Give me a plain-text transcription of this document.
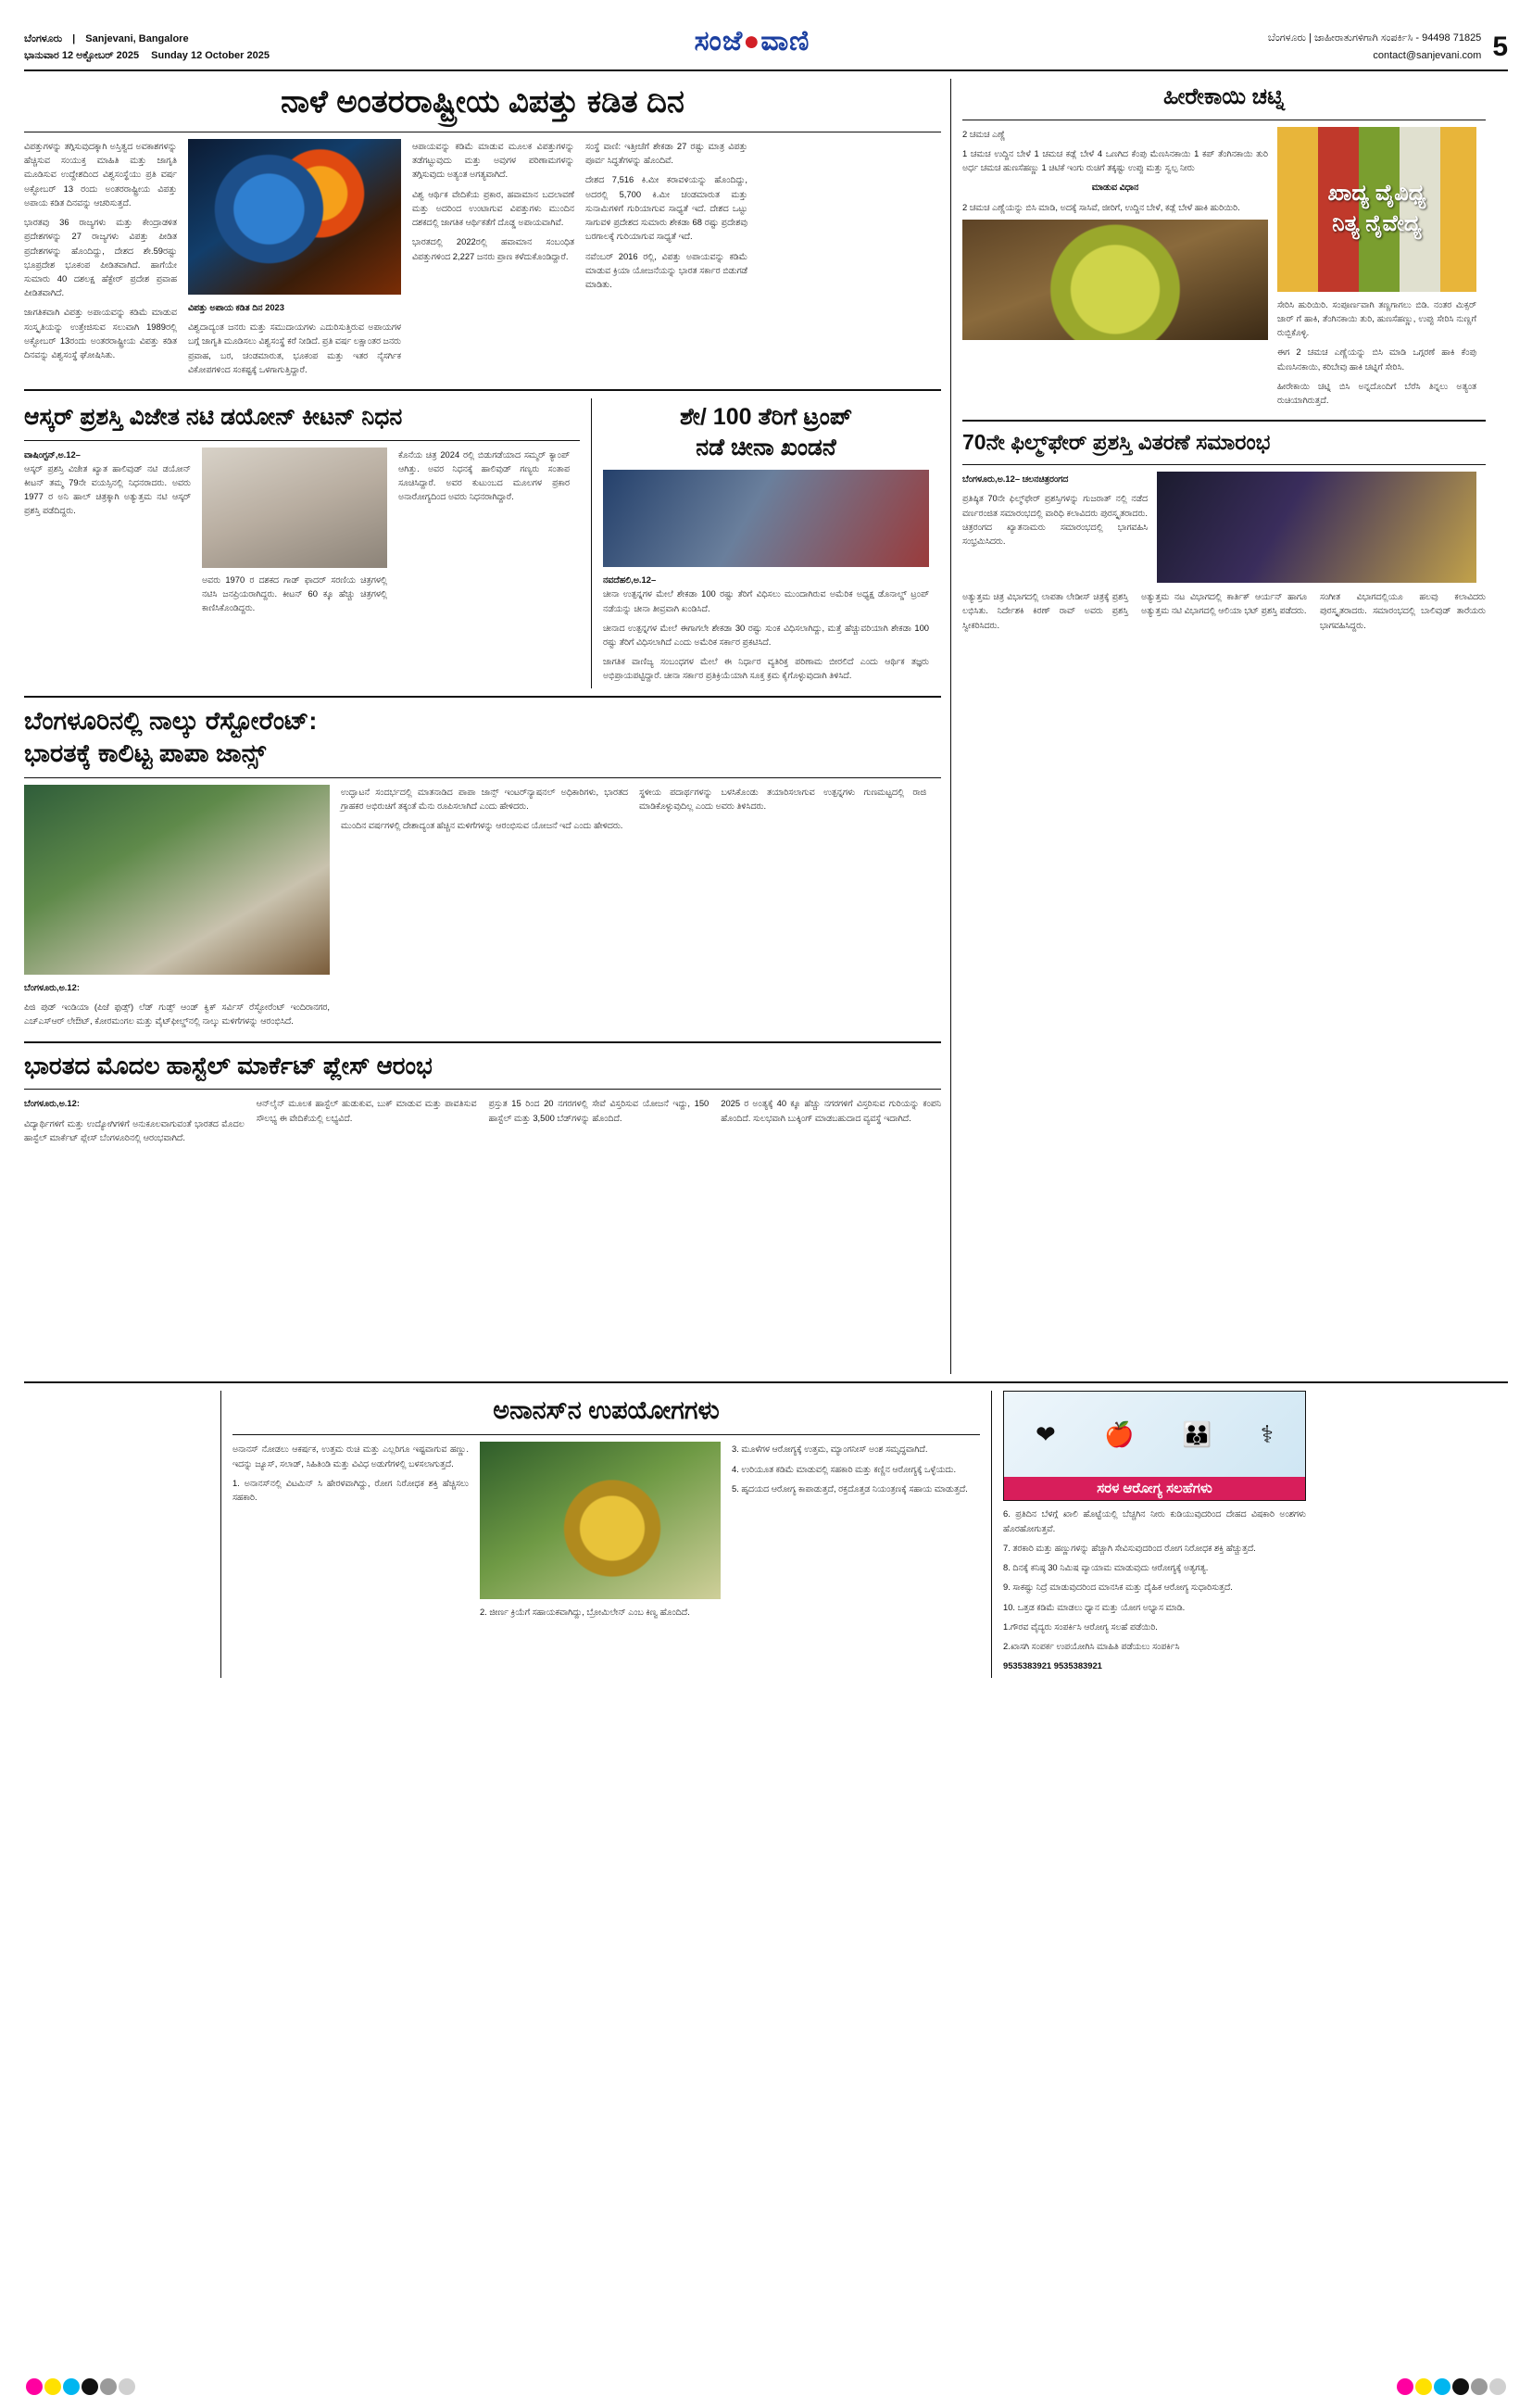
ಬೆಂಗಳೂರು | Sanjevani, Bangalore
ಭಾನುವಾರ 12 ಅಕ್ಟೋಬರ್ 2025 Sunday 12 October 2025	ಸಂಜೆ●ವಾಣಿ	ಬೆಂಗಳೂರು | ಜಾಹೀರಾತುಗಳಿಗಾಗಿ ಸಂಪರ್ಕಿಸಿ - 94498 71825
contact@sanjevani.com 5
ನಾಳೆ ಅಂತರರಾಷ್ಟ್ರೀಯ ವಿಪತ್ತು ಕಡಿತ ದಿನ

ವಿಪತ್ತುಗಳನ್ನು ತಗ್ಗಿಸುವುದಕ್ಕಾಗಿ ಅಸ್ತಿತ್ವದ ಅವಕಾಶಗಳನ್ನು ಹೆಚ್ಚಿಸುವ ಸಂಯುಕ್ತ ಮಾಹಿತಿ ಮತ್ತು ಜಾಗೃತಿ ಮೂಡಿಸುವ ಉದ್ದೇಶದಿಂದ ವಿಶ್ವಸಂಸ್ಥೆಯು ಪ್ರತಿ ವರ್ಷ ಅಕ್ಟೋಬರ್ 13 ರಂದು ಅಂತರರಾಷ್ಟ್ರೀಯ ವಿಪತ್ತು ಅಪಾಯ ಕಡಿತ ದಿನವನ್ನು ಆಚರಿಸುತ್ತದೆ.

ಭಾರತವು 36 ರಾಜ್ಯಗಳು ಮತ್ತು ಕೇಂದ್ರಾಡಳಿತ ಪ್ರದೇಶಗಳನ್ನು 27 ರಾಜ್ಯಗಳು ವಿಪತ್ತು ಪೀಡಿತ ಪ್ರದೇಶಗಳನ್ನು ಹೊಂದಿದ್ದು, ದೇಶದ ಶೇ.59ರಷ್ಟು ಭೂಪ್ರದೇಶ ಭೂಕಂಪ ಪೀಡಿತವಾಗಿದೆ. ಹಾಗೆಯೇ ಸುಮಾರು 40 ದಶಲಕ್ಷ ಹೆಕ್ಟೇರ್ ಪ್ರದೇಶ ಪ್ರವಾಹ ಪೀಡಿತವಾಗಿದೆ.

ಜಾಗತಿಕವಾಗಿ ವಿಪತ್ತು ಅಪಾಯವನ್ನು ಕಡಿಮೆ ಮಾಡುವ ಸಂಸ್ಕೃತಿಯನ್ನು ಉತ್ತೇಜಿಸುವ ಸಲುವಾಗಿ 1989ರಲ್ಲಿ ಅಕ್ಟೋಬರ್ 13ರಂದು ಅಂತರರಾಷ್ಟ್ರೀಯ ವಿಪತ್ತು ಕಡಿತ ದಿನವನ್ನು ವಿಶ್ವಸಂಸ್ಥೆ ಘೋಷಿಸಿತು.

ವಿಪತ್ತು ಅಪಾಯ ಕಡಿತ ದಿನ 2023

ವಿಶ್ವದಾದ್ಯಂತ ಜನರು ಮತ್ತು ಸಮುದಾಯಗಳು ಎದುರಿಸುತ್ತಿರುವ ಅಪಾಯಗಳ ಬಗ್ಗೆ ಜಾಗೃತಿ ಮೂಡಿಸಲು ವಿಶ್ವಸಂಸ್ಥೆ ಕರೆ ನೀಡಿದೆ. ಪ್ರತಿ ವರ್ಷ ಲಕ್ಷಾಂತರ ಜನರು ಪ್ರವಾಹ, ಬರ, ಚಂಡಮಾರುತ, ಭೂಕಂಪ ಮತ್ತು ಇತರ ನೈಸರ್ಗಿಕ ವಿಕೋಪಗಳಿಂದ ಸಂಕಷ್ಟಕ್ಕೆ ಒಳಗಾಗುತ್ತಿದ್ದಾರೆ.

ಆಪಾಯವನ್ನು ಕಡಿಮೆ ಮಾಡುವ ಮೂಲಕ ವಿಪತ್ತುಗಳನ್ನು ತಡೆಗಟ್ಟುವುದು ಮತ್ತು ಅವುಗಳ ಪರಿಣಾಮಗಳನ್ನು ತಗ್ಗಿಸುವುದು ಅತ್ಯಂತ ಅಗತ್ಯವಾಗಿದೆ.

ವಿಶ್ವ ಆರ್ಥಿಕ ವೇದಿಕೆಯ ಪ್ರಕಾರ, ಹವಾಮಾನ ಬದಲಾವಣೆ ಮತ್ತು ಅದರಿಂದ ಉಂಟಾಗುವ ವಿಪತ್ತುಗಳು ಮುಂದಿನ ದಶಕದಲ್ಲಿ ಜಾಗತಿಕ ಆರ್ಥಿಕತೆಗೆ ದೊಡ್ಡ ಅಪಾಯವಾಗಿವೆ.

ಭಾರತದಲ್ಲಿ 2022ರಲ್ಲಿ ಹವಾಮಾನ ಸಂಬಂಧಿತ ವಿಪತ್ತುಗಳಿಂದ 2,227 ಜನರು ಪ್ರಾಣ ಕಳೆದುಕೊಂಡಿದ್ದಾರೆ.

ಸಂಸ್ಥೆ ವಾಣಿ: ಇತ್ತೀಚೆಗೆ ಶೇಕಡಾ 27 ರಷ್ಟು ಮಾತ್ರ ವಿಪತ್ತು ಪೂರ್ವ ಸಿದ್ಧತೆಗಳನ್ನು ಹೊಂದಿವೆ.

ದೇಶದ 7,516 ಕಿ.ಮೀ ಕರಾವಳಿಯನ್ನು ಹೊಂದಿದ್ದು, ಅದರಲ್ಲಿ 5,700 ಕಿ.ಮೀ ಚಂಡಮಾರುತ ಮತ್ತು ಸುನಾಮಿಗಳಿಗೆ ಗುರಿಯಾಗುವ ಸಾಧ್ಯತೆ ಇದೆ. ದೇಶದ ಒಟ್ಟು ಸಾಗುವಳಿ ಪ್ರದೇಶದ ಸುಮಾರು ಶೇಕಡಾ 68 ರಷ್ಟು ಪ್ರದೇಶವು ಬರಗಾಲಕ್ಕೆ ಗುರಿಯಾಗುವ ಸಾಧ್ಯತೆ ಇದೆ.

ನವೆಂಬರ್ 2016 ರಲ್ಲಿ, ವಿಪತ್ತು ಅಪಾಯವನ್ನು ಕಡಿಮೆ ಮಾಡುವ ಕ್ರಿಯಾ ಯೋಜನೆಯನ್ನು ಭಾರತ ಸರ್ಕಾರ ಬಿಡುಗಡೆ ಮಾಡಿತು.

ಆಸ್ಕರ್ ಪ್ರಶಸ್ತಿ ವಿಜೇತ ನಟಿ ಡಯೋನ್ ಕೀಟನ್ ನಿಧನ

ವಾಷಿಂಗ್ಟನ್,ಅ.12–

ಆಸ್ಕರ್ ಪ್ರಶಸ್ತಿ ವಿಜೇತ ಖ್ಯಾತ ಹಾಲಿವುಡ್ ನಟಿ ಡಯೋನ್ ಕೀಟನ್ ತಮ್ಮ 79ನೇ ವಯಸ್ಸಿನಲ್ಲಿ ನಿಧನರಾದರು. ಅವರು 1977 ರ ಅನಿ ಹಾಲ್ ಚಿತ್ರಕ್ಕಾಗಿ ಅತ್ಯುತ್ತಮ ನಟಿ ಆಸ್ಕರ್ ಪ್ರಶಸ್ತಿ ಪಡೆದಿದ್ದರು.

ಅವರು 1970 ರ ದಶಕದ ಗಾಡ್ ಫಾದರ್ ಸರಣಿಯ ಚಿತ್ರಗಳಲ್ಲಿ ನಟಿಸಿ ಜನಪ್ರಿಯರಾಗಿದ್ದರು. ಕೀಟನ್ 60 ಕ್ಕೂ ಹೆಚ್ಚು ಚಿತ್ರಗಳಲ್ಲಿ ಕಾಣಿಸಿಕೊಂಡಿದ್ದರು.

ಕೊನೆಯ ಚಿತ್ರ 2024 ರಲ್ಲಿ ಬಿಡುಗಡೆಯಾದ ಸಮ್ಮರ್ ಕ್ಯಾಂಪ್ ಆಗಿತ್ತು. ಅವರ ನಿಧನಕ್ಕೆ ಹಾಲಿವುಡ್ ಗಣ್ಯರು ಸಂತಾಪ ಸೂಚಿಸಿದ್ದಾರೆ. ಅವರ ಕುಟುಂಬದ ಮೂಲಗಳ ಪ್ರಕಾರ ಅನಾರೋಗ್ಯದಿಂದ ಅವರು ನಿಧನರಾಗಿದ್ದಾರೆ.

ಶೇ/ 100 ತೆರಿಗೆ ಟ್ರಂಪ್
ನಡೆ ಚೀನಾ ಖಂಡನೆ

ನವದೆಹಲಿ,ಅ.12–

ಚೀನಾ ಉತ್ಪನ್ನಗಳ ಮೇಲೆ ಶೇಕಡಾ 100 ರಷ್ಟು ತೆರಿಗೆ ವಿಧಿಸಲು ಮುಂದಾಗಿರುವ ಅಮೆರಿಕ ಅಧ್ಯಕ್ಷ ಡೊನಾಲ್ಡ್ ಟ್ರಂಪ್ ನಡೆಯನ್ನು ಚೀನಾ ತೀವ್ರವಾಗಿ ಖಂಡಿಸಿದೆ.

ಚೀನಾದ ಉತ್ಪನ್ನಗಳ ಮೇಲೆ ಈಗಾಗಲೇ ಶೇಕಡಾ 30 ರಷ್ಟು ಸುಂಕ ವಿಧಿಸಲಾಗಿದ್ದು, ಮತ್ತೆ ಹೆಚ್ಚುವರಿಯಾಗಿ ಶೇಕಡಾ 100 ರಷ್ಟು ತೆರಿಗೆ ವಿಧಿಸಲಾಗಿದೆ ಎಂದು ಅಮೆರಿಕ ಸರ್ಕಾರ ಪ್ರಕಟಿಸಿದೆ.

ಜಾಗತಿಕ ವಾಣಿಜ್ಯ ಸಂಬಂಧಗಳ ಮೇಲೆ ಈ ನಿರ್ಧಾರ ವ್ಯತಿರಿಕ್ತ ಪರಿಣಾಮ ಬೀರಲಿದೆ ಎಂದು ಆರ್ಥಿಕ ತಜ್ಞರು ಅಭಿಪ್ರಾಯಪಟ್ಟಿದ್ದಾರೆ. ಚೀನಾ ಸರ್ಕಾರ ಪ್ರತಿಕ್ರಿಯೆಯಾಗಿ ಸೂಕ್ತ ಕ್ರಮ ಕೈಗೊಳ್ಳುವುದಾಗಿ ತಿಳಿಸಿದೆ.

ಬೆಂಗಳೂರಿನಲ್ಲಿ ನಾಲ್ಕು ರೆಸ್ಟೋರೆಂಟ್:
ಭಾರತಕ್ಕೆ ಕಾಲಿಟ್ಟ ಪಾಪಾ ಜಾನ್ಸ್

ಬೆಂಗಳೂರು,ಅ.12:

ಪಿಜಿ ಪುಡ್ ಇಂಡಿಯಾ (ಪಿಜೆ ಫುಡ್ಸ್) ಲೆಡ್ ಗುಡ್ಸ್ ಆಂಡ್ ಕ್ವಿಕ್ ಸರ್ವಿಸ್ ರೆಸ್ಟೋರೆಂಟ್ ಇಂದಿರಾನಗರ, ಎಚ್ಎಸ್ಆರ್ ಲೇಔಟ್, ಕೋರಮಂಗಲ ಮತ್ತು ವೈಟ್‌ಫೀಲ್ಡ್‌ನಲ್ಲಿ ನಾಲ್ಕು ಮಳಿಗೆಗಳನ್ನು ಆರಂಭಿಸಿದೆ.

ಉದ್ಘಾಟನೆ ಸಂದರ್ಭದಲ್ಲಿ ಮಾತನಾಡಿದ ಪಾಪಾ ಜಾನ್ಸ್ ಇಂಟರ್‌ನ್ಯಾಷನಲ್ ಅಧಿಕಾರಿಗಳು, ಭಾರತದ ಗ್ರಾಹಕರ ಅಭಿರುಚಿಗೆ ತಕ್ಕಂತೆ ಮೆನು ರೂಪಿಸಲಾಗಿದೆ ಎಂದು ಹೇಳಿದರು.

ಮುಂದಿನ ವರ್ಷಗಳಲ್ಲಿ ದೇಶಾದ್ಯಂತ ಹೆಚ್ಚಿನ ಮಳಿಗೆಗಳನ್ನು ಆರಂಭಿಸುವ ಯೋಜನೆ ಇದೆ ಎಂದು ಹೇಳಿದರು.

ಸ್ಥಳೀಯ ಪದಾರ್ಥಗಳನ್ನು ಬಳಸಿಕೊಂಡು ತಯಾರಿಸಲಾಗುವ ಉತ್ಪನ್ನಗಳು ಗುಣಮಟ್ಟದಲ್ಲಿ ರಾಜಿ ಮಾಡಿಕೊಳ್ಳುವುದಿಲ್ಲ ಎಂದು ಅವರು ತಿಳಿಸಿದರು.

ಭಾರತದ ಮೊದಲ ಹಾಸ್ಟೆಲ್ ಮಾರ್ಕೆಟ್ ಪ್ಲೇಸ್ ಆರಂಭ

ಬೆಂಗಳೂರು,ಅ.12:

ವಿದ್ಯಾರ್ಥಿಗಳಿಗೆ ಮತ್ತು ಉದ್ಯೋಗಿಗಳಿಗೆ ಅನುಕೂಲವಾಗುವಂತೆ ಭಾರತದ ಮೊದಲ ಹಾಸ್ಟೆಲ್ ಮಾರ್ಕೆಟ್ ಪ್ಲೇಸ್ ಬೆಂಗಳೂರಿನಲ್ಲಿ ಆರಂಭವಾಗಿದೆ.

ಆನ್‌ಲೈನ್ ಮೂಲಕ ಹಾಸ್ಟೆಲ್ ಹುಡುಕುವ, ಬುಕ್ ಮಾಡುವ ಮತ್ತು ಪಾವತಿಸುವ ಸೌಲಭ್ಯ ಈ ವೇದಿಕೆಯಲ್ಲಿ ಲಭ್ಯವಿದೆ.

ಪ್ರಸ್ತುತ 15 ರಿಂದ 20 ನಗರಗಳಲ್ಲಿ ಸೇವೆ ವಿಸ್ತರಿಸುವ ಯೋಜನೆ ಇದ್ದು, 150 ಹಾಸ್ಟೆಲ್ ಮತ್ತು 3,500 ಬೆಡ್‌ಗಳನ್ನು ಹೊಂದಿದೆ.

2025 ರ ಅಂತ್ಯಕ್ಕೆ 40 ಕ್ಕೂ ಹೆಚ್ಚು ನಗರಗಳಿಗೆ ವಿಸ್ತರಿಸುವ ಗುರಿಯನ್ನು ಕಂಪನಿ ಹೊಂದಿದೆ. ಸುಲಭವಾಗಿ ಬುಕ್ಕಿಂಗ್ ಮಾಡಬಹುದಾದ ವ್ಯವಸ್ಥೆ ಇದಾಗಿದೆ.

ಹೀರೇಕಾಯಿ ಚಟ್ನಿ

2 ಚಮಚ ಎಣ್ಣೆ

1 ಚಮಚ ಉದ್ದಿನ ಬೇಳೆ 1 ಚಮಚ ಕಡ್ಲೆ ಬೇಳೆ 4 ಒಣಗಿದ ಕೆಂಪು ಮೆಣಸಿನಕಾಯಿ 1 ಕಪ್ ತೆಂಗಿನಕಾಯಿ ತುರಿ ಅರ್ಧ ಚಮಚ ಹುಣಸೆಹಣ್ಣು 1 ಚಿಟಿಕೆ ಇಂಗು ರುಚಿಗೆ ತಕ್ಕಷ್ಟು ಉಪ್ಪು ಮತ್ತು ಸ್ವಲ್ಪ ನೀರು

ಮಾಡುವ ವಿಧಾನ

2 ಚಮಚ ಎಣ್ಣೆಯನ್ನು ಬಿಸಿ ಮಾಡಿ, ಅದಕ್ಕೆ ಸಾಸಿವೆ, ಜೀರಿಗೆ, ಉದ್ದಿನ ಬೇಳೆ, ಕಡ್ಲೆ ಬೇಳೆ ಹಾಕಿ ಹುರಿಯಿರಿ.

ಖಾದ್ಯ ವೈವಿಧ್ಯ
ನಿತ್ಯ ನೈವೇದ್ಯ

ಸೇರಿಸಿ ಹುರಿಯಿರಿ. ಸಂಪೂರ್ಣವಾಗಿ ತಣ್ಣಗಾಗಲು ಬಿಡಿ. ನಂತರ ಮಿಕ್ಸರ್ ಜಾರ್ ಗೆ ಹಾಕಿ, ತೆಂಗಿನಕಾಯಿ ತುರಿ, ಹುಣಸೆಹಣ್ಣು, ಉಪ್ಪು ಸೇರಿಸಿ ನುಣ್ಣಗೆ ರುಬ್ಬಿಕೊಳ್ಳಿ.

ಈಗ 2 ಚಮಚ ಎಣ್ಣೆಯನ್ನು ಬಿಸಿ ಮಾಡಿ ಒಗ್ಗರಣೆ ಹಾಕಿ ಕೆಂಪು ಮೆಣಸಿನಕಾಯಿ, ಕರಿಬೇವು ಹಾಕಿ ಚಟ್ನಿಗೆ ಸೇರಿಸಿ.

ಹೀರೇಕಾಯಿ ಚಟ್ನಿ ಬಿಸಿ ಅನ್ನದೊಂದಿಗೆ ಬೆರೆಸಿ ತಿನ್ನಲು ಅತ್ಯಂತ ರುಚಿಯಾಗಿರುತ್ತದೆ.

70ನೇ ಫಿಲ್ಮ್‌ಫೇರ್ ಪ್ರಶಸ್ತಿ ವಿತರಣೆ ಸಮಾರಂಭ

ಬೆಂಗಳೂರು,ಅ.12– ಚಲನಚಿತ್ರರಂಗದ

ಪ್ರತಿಷ್ಠಿತ 70ನೇ ಫಿಲ್ಮ್‌ಫೇರ್ ಪ್ರಶಸ್ತಿಗಳನ್ನು ಗುಜರಾತ್ ನಲ್ಲಿ ನಡೆದ ವರ್ಣರಂಜಿತ ಸಮಾರಂಭದಲ್ಲಿ ವಾರಿಧಿ ಕಲಾವಿದರು ಪುರಸ್ಕೃತರಾದರು. ಚಿತ್ರರಂಗದ ಖ್ಯಾತನಾಮರು ಸಮಾರಂಭದಲ್ಲಿ ಭಾಗವಹಿಸಿ ಸಂಭ್ರಮಿಸಿದರು.

ಅತ್ಯುತ್ತಮ ಚಿತ್ರ ವಿಭಾಗದಲ್ಲಿ ಲಾಪತಾ ಲೇಡೀಸ್ ಚಿತ್ರಕ್ಕೆ ಪ್ರಶಸ್ತಿ ಲಭಿಸಿತು. ನಿರ್ದೇಶಕಿ ಕಿರಣ್ ರಾವ್ ಅವರು ಪ್ರಶಸ್ತಿ ಸ್ವೀಕರಿಸಿದರು.

ಅತ್ಯುತ್ತಮ ನಟ ವಿಭಾಗದಲ್ಲಿ ಕಾರ್ತಿಕ್ ಆರ್ಯನ್ ಹಾಗೂ ಅತ್ಯುತ್ತಮ ನಟಿ ವಿಭಾಗದಲ್ಲಿ ಆಲಿಯಾ ಭಟ್ ಪ್ರಶಸ್ತಿ ಪಡೆದರು.

ಸಂಗೀತ ವಿಭಾಗದಲ್ಲಿಯೂ ಹಲವು ಕಲಾವಿದರು ಪುರಸ್ಕೃತರಾದರು. ಸಮಾರಂಭದಲ್ಲಿ ಬಾಲಿವುಡ್ ತಾರೆಯರು ಭಾಗವಹಿಸಿದ್ದರು.

ಅನಾನಸ್‌ನ ಉಪಯೋಗಗಳು

ಅನಾನಸ್ ನೋಡಲು ಆಕರ್ಷಕ, ಉತ್ತಮ ರುಚಿ ಮತ್ತು ಎಲ್ಲರಿಗೂ ಇಷ್ಟವಾಗುವ ಹಣ್ಣು. ಇದನ್ನು ಜ್ಯೂಸ್, ಸಲಾಡ್, ಸಿಹಿತಿಂಡಿ ಮತ್ತು ವಿವಿಧ ಅಡುಗೆಗಳಲ್ಲಿ ಬಳಸಲಾಗುತ್ತದೆ.

1. ಅನಾನಸ್‌ನಲ್ಲಿ ವಿಟಮಿನ್ ಸಿ ಹೇರಳವಾಗಿದ್ದು, ರೋಗ ನಿರೋಧಕ ಶಕ್ತಿ ಹೆಚ್ಚಿಸಲು ಸಹಕಾರಿ.

2. ಜೀರ್ಣ ಕ್ರಿಯೆಗೆ ಸಹಾಯಕವಾಗಿದ್ದು, ಬ್ರೋಮಿಲೇನ್ ಎಂಬ ಕಿಣ್ವ ಹೊಂದಿದೆ.

3. ಮೂಳೆಗಳ ಆರೋಗ್ಯಕ್ಕೆ ಉತ್ತಮ, ಮ್ಯಾಂಗನೀಸ್ ಅಂಶ ಸಮೃದ್ಧವಾಗಿದೆ.

4. ಉರಿಯೂತ ಕಡಿಮೆ ಮಾಡುವಲ್ಲಿ ಸಹಕಾರಿ ಮತ್ತು ಕಣ್ಣಿನ ಆರೋಗ್ಯಕ್ಕೆ ಒಳ್ಳೆಯದು.

5. ಹೃದಯದ ಆರೋಗ್ಯ ಕಾಪಾಡುತ್ತದೆ, ರಕ್ತದೊತ್ತಡ ನಿಯಂತ್ರಣಕ್ಕೆ ಸಹಾಯ ಮಾಡುತ್ತದೆ.

❤ 🍎 👪 ⚕
ಸರಳ ಆರೋಗ್ಯ ಸಲಹೆಗಳು

6. ಪ್ರತಿದಿನ ಬೆಳಗ್ಗೆ ಖಾಲಿ ಹೊಟ್ಟೆಯಲ್ಲಿ ಬೆಚ್ಚಗಿನ ನೀರು ಕುಡಿಯುವುದರಿಂದ ದೇಹದ ವಿಷಕಾರಿ ಅಂಶಗಳು ಹೊರಹೋಗುತ್ತವೆ.

7. ತರಕಾರಿ ಮತ್ತು ಹಣ್ಣುಗಳನ್ನು ಹೆಚ್ಚಾಗಿ ಸೇವಿಸುವುದರಿಂದ ರೋಗ ನಿರೋಧಕ ಶಕ್ತಿ ಹೆಚ್ಚುತ್ತದೆ.

8. ದಿನಕ್ಕೆ ಕನಿಷ್ಠ 30 ನಿಮಿಷ ವ್ಯಾಯಾಮ ಮಾಡುವುದು ಆರೋಗ್ಯಕ್ಕೆ ಅತ್ಯಗತ್ಯ.

9. ಸಾಕಷ್ಟು ನಿದ್ರೆ ಮಾಡುವುದರಿಂದ ಮಾನಸಿಕ ಮತ್ತು ದೈಹಿಕ ಆರೋಗ್ಯ ಸುಧಾರಿಸುತ್ತದೆ.

10. ಒತ್ತಡ ಕಡಿಮೆ ಮಾಡಲು ಧ್ಯಾನ ಮತ್ತು ಯೋಗ ಅಭ್ಯಾಸ ಮಾಡಿ.

1.ಗೌರವ ವೈದ್ಯರು ಸಂಪರ್ಕಿಸಿ ಆರೋಗ್ಯ ಸಲಹೆ ಪಡೆಯಿರಿ.

2.ಖಾಸಗಿ ಸಂಪರ್ಕ ಉಪಯೋಗಿಸಿ ಮಾಹಿತಿ ಪಡೆಯಲು ಸಂಪರ್ಕಿಸಿ

9535383921 9535383921
